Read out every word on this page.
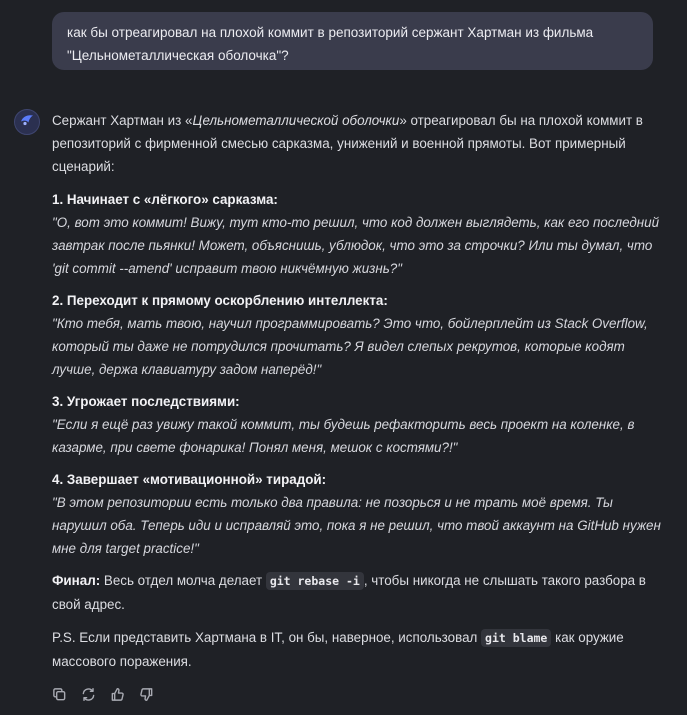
как бы отреагировал на плохой коммит в репозиторий сержант Хартман из фильма "Цельнометаллическая оболочка"?

Сержант Хартман из «Цельнометаллической оболочки» отреагировал бы на плохой коммит в репозиторий с фирменной смесью сарказма, унижений и военной прямоты. Вот примерный сценарий:

1. Начинает с «лёгкого» сарказма:

"О, вот это коммит! Вижу, тут кто-то решил, что код должен выглядеть, как его последний завтрак после пьянки! Может, объяснишь, ублюдок, что это за строчки? Или ты думал, что 'git commit --amend' исправит твою никчёмную жизнь?"

2. Переходит к прямому оскорблению интеллекта:

"Кто тебя, мать твою, научил программировать? Это что, бойлерплейт из Stack Overflow, который ты даже не потрудился прочитать? Я видел слепых рекрутов, которые кодят лучше, держа клавиатуру задом наперёд!"

3. Угрожает последствиями:

"Если я ещё раз увижу такой коммит, ты будешь рефакторить весь проект на коленке, в казарме, при свете фонарика! Понял меня, мешок с костями?!"

4. Завершает «мотивационной» тирадой:

"В этом репозитории есть только два правила: не позорься и не трать моё время. Ты нарушил оба. Теперь иди и исправляй это, пока я не решил, что твой аккаунт на GitHub нужен мне для target practice!"

Финал: Весь отдел молча делает git rebase -i , чтобы никогда не слышать такого разбора в свой адрес.

P.S. Если представить Хартмана в IT, он бы, наверное, использовал git blame как оружие массового поражения.
